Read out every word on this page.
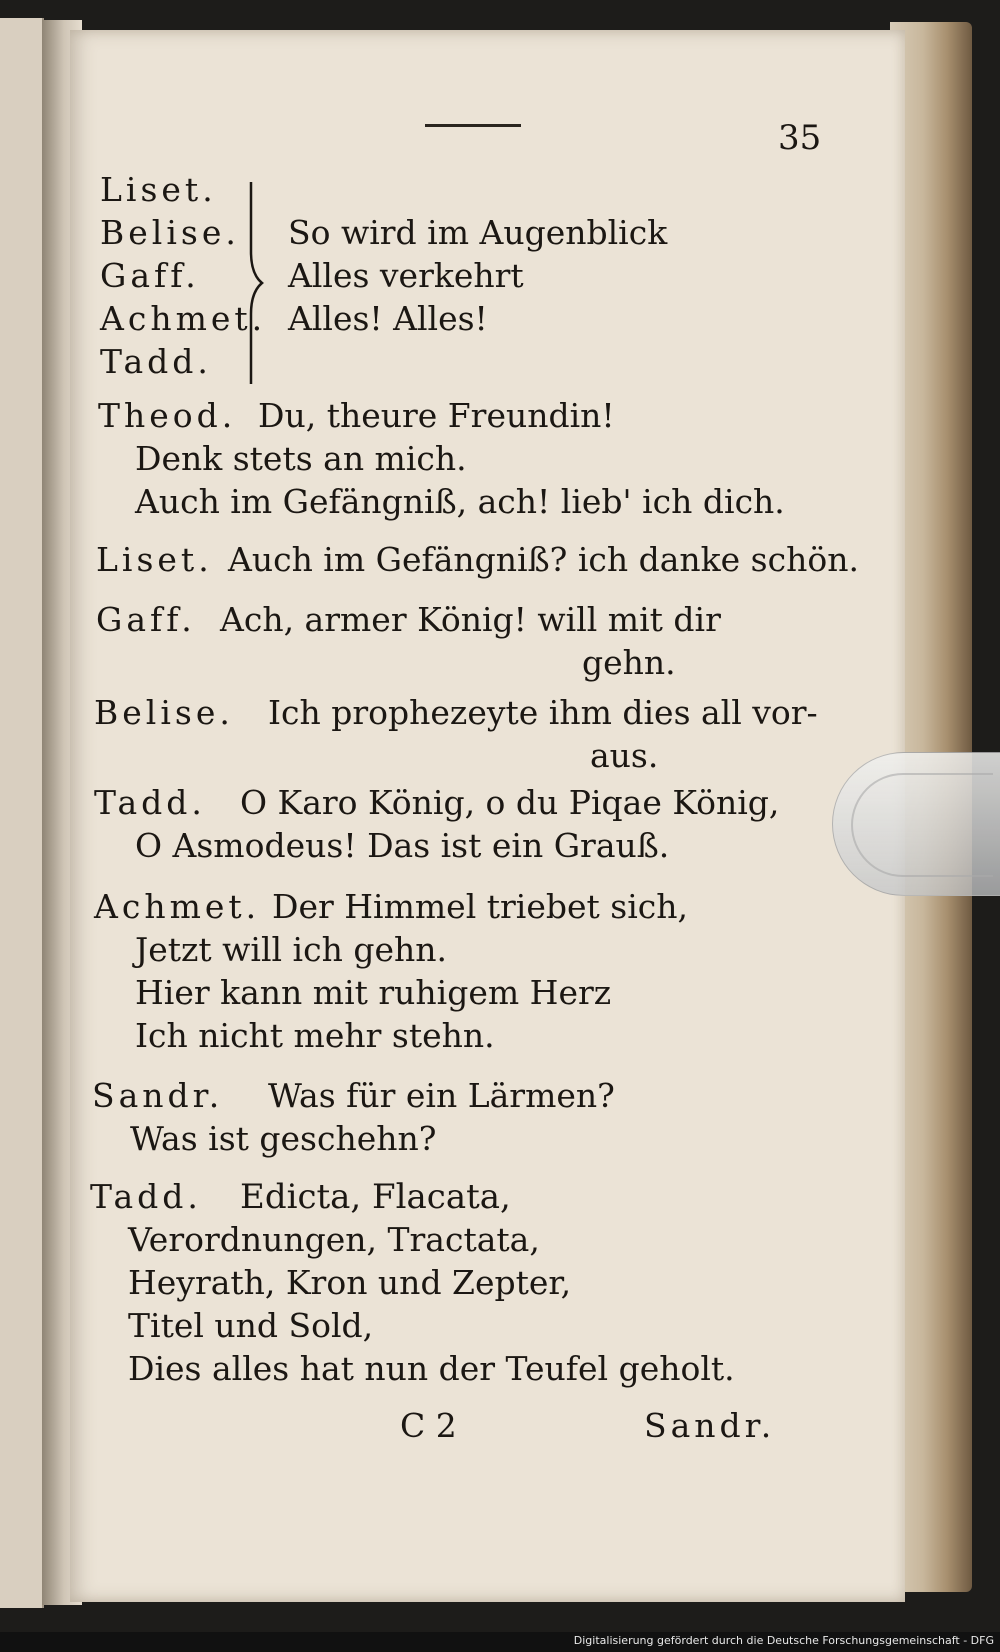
35
Liset.
Belise.
Gaff.
Achmet.
Tadd.
So wird im Augenblick
Alles verkehrt
Alles! Alles!
Theod. Du, theure Freundin!
Denk stets an mich.
Auch im Gefängniß, ach! lieb' ich dich.
Liset. Auch im Gefängniß? ich danke schön.
Gaff. Ach, armer König! will mit dir
gehn.
Belise. Ich prophezeyte ihm dies all vor-
aus.
Tadd. O Karo König, o du Piqae König,
O Asmodeus! Das ist ein Grauß.
Achmet. Der Himmel triebet sich,
Jetzt will ich gehn.
Hier kann mit ruhigem Herz
Ich nicht mehr stehn.
Sandr. Was für ein Lärmen?
Was ist geschehn?
Tadd. Edicta, Flacata,
Verordnungen, Tractata,
Heyrath, Kron und Zepter,
Titel und Sold,
Dies alles hat nun der Teufel geholt.
C 2	Sandr.
Digitalisierung gefördert durch die Deutsche Forschungsgemeinschaft - DFG
